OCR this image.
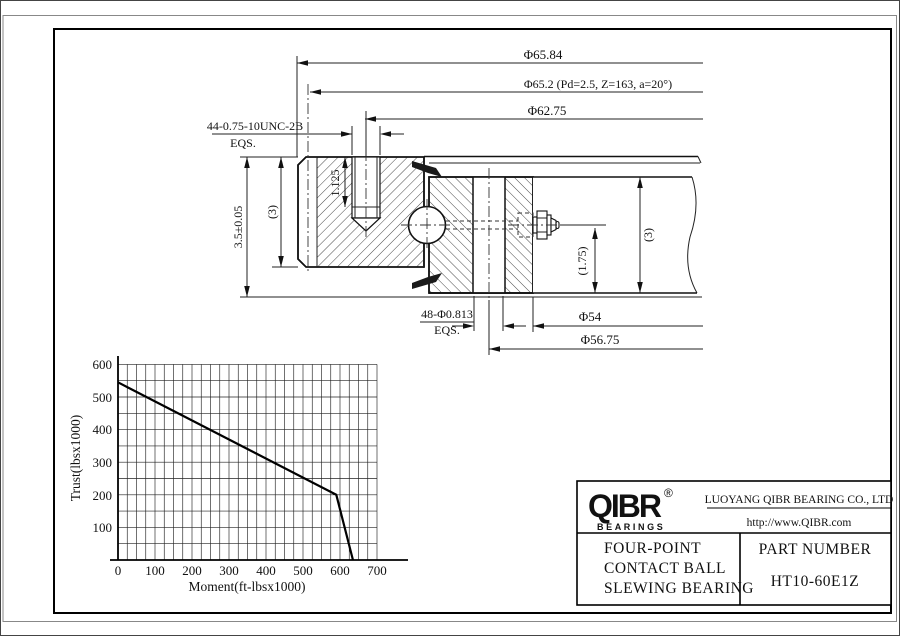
Φ65.84
Φ65.2 (Pd=2.5, Z=163, a=20°)
Φ62.75
44-0.75-10UNC-2B
EQS.
3.5±0.05 (3)
1.125
(1.75)
(3)
48-Φ0.813
EQS.
Φ54
Φ56.75
0 100 200 300 400 500 600 700
100
200
300
400
500
600
Trust(lbsx1000)
Moment(ft-lbsx1000)
QIBR ®
BEARINGS
LUOYANG QIBR BEARING CO., LTD
http://www.QIBR.com
FOUR-POINT
CONTACT BALL
SLEWING BEARING
PART NUMBER
HT10-60E1Z
